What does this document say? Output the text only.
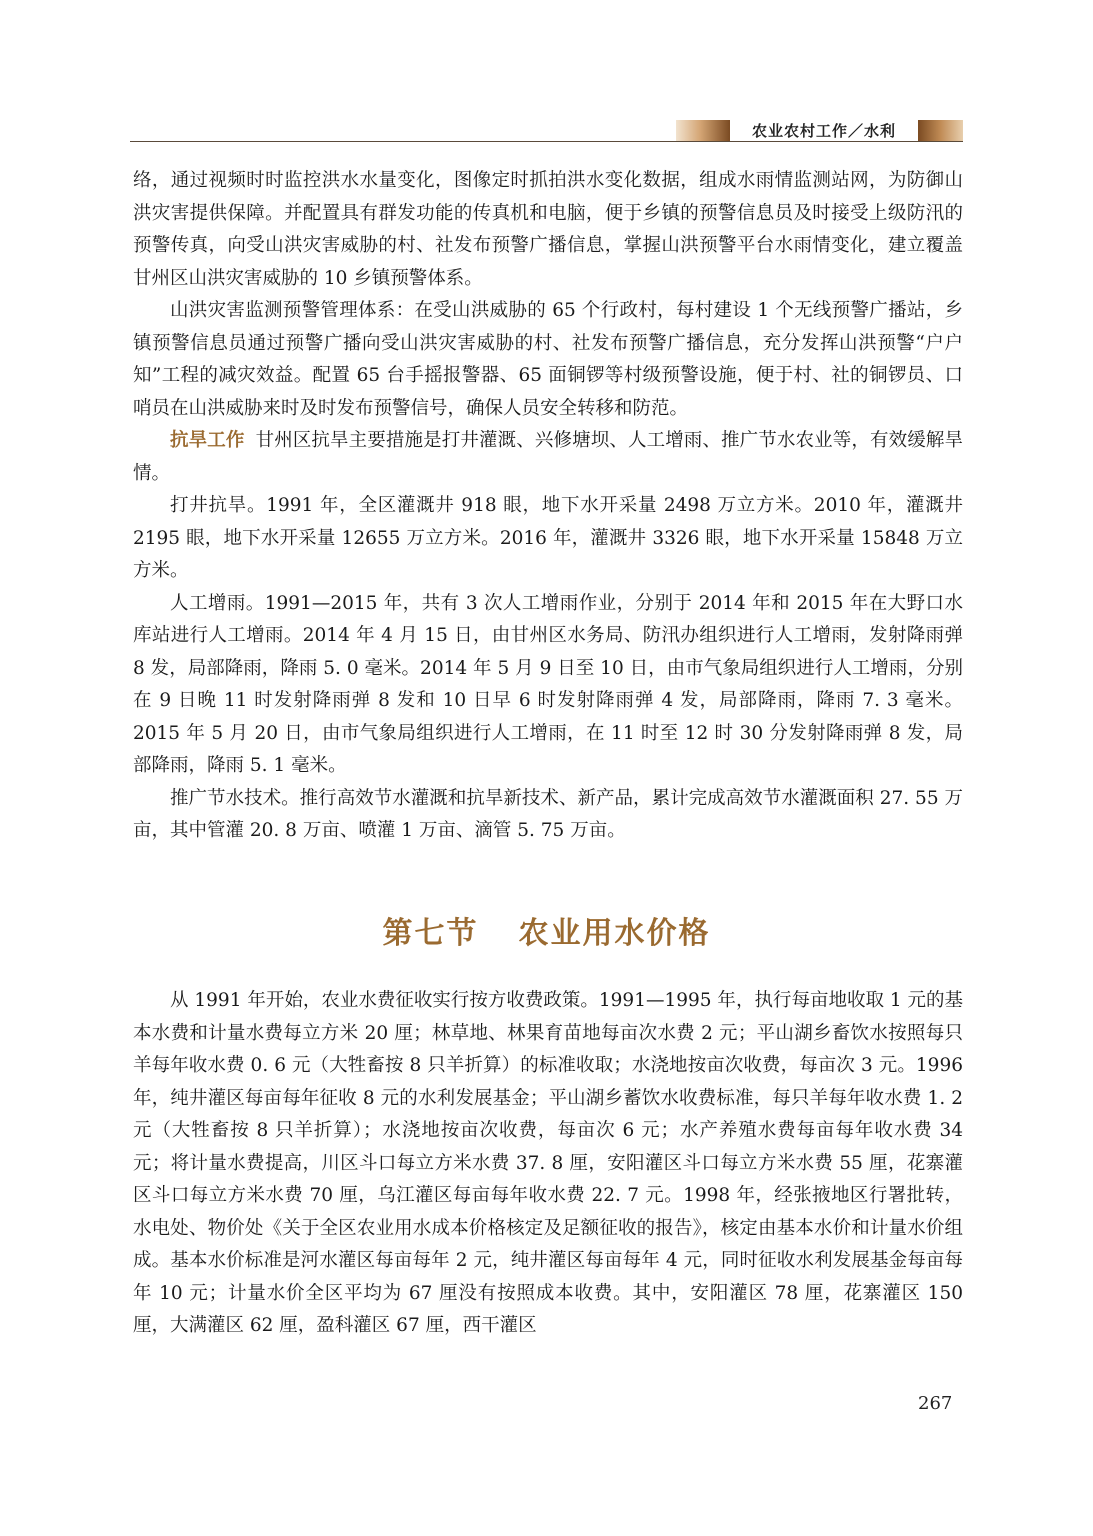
农业农村工作／水利

络，通过视频时时监控洪水水量变化，图像定时抓拍洪水变化数据，组成水雨情监测站网，为防御山洪灾害提供保障。并配置具有群发功能的传真机和电脑，便于乡镇的预警信息员及时接受上级防汛的预警传真，向受山洪灾害威胁的村、社发布预警广播信息，掌握山洪预警平台水雨情变化，建立覆盖甘州区山洪灾害威胁的 10 乡镇预警体系。

山洪灾害监测预警管理体系：在受山洪威胁的 65 个行政村，每村建设 1 个无线预警广播站，乡镇预警信息员通过预警广播向受山洪灾害威胁的村、社发布预警广播信息，充分发挥山洪预警“户户知”工程的减灾效益。配置 65 台手摇报警器、65 面铜锣等村级预警设施，便于村、社的铜锣员、口哨员在山洪威胁来时及时发布预警信号，确保人员安全转移和防范。

抗旱工作 甘州区抗旱主要措施是打井灌溉、兴修塘坝、人工增雨、推广节水农业等，有效缓解旱情。

打井抗旱。1991 年，全区灌溉井 918 眼，地下水开采量 2498 万立方米。2010 年，灌溉井 2195 眼，地下水开采量 12655 万立方米。2016 年，灌溉井 3326 眼，地下水开采量 15848 万立方米。

人工增雨。1991—2015 年，共有 3 次人工增雨作业，分别于 2014 年和 2015 年在大野口水库站进行人工增雨。2014 年 4 月 15 日，由甘州区水务局、防汛办组织进行人工增雨，发射降雨弹 8 发，局部降雨，降雨 5. 0 毫米。2014 年 5 月 9 日至 10 日，由市气象局组织进行人工增雨，分别在 9 日晚 11 时发射降雨弹 8 发和 10 日早 6 时发射降雨弹 4 发，局部降雨，降雨 7. 3 毫米。2015 年 5 月 20 日，由市气象局组织进行人工增雨，在 11 时至 12 时 30 分发射降雨弹 8 发，局部降雨，降雨 5. 1 毫米。

推广节水技术。推行高效节水灌溉和抗旱新技术、新产品，累计完成高效节水灌溉面积 27. 55 万亩，其中管灌 20. 8 万亩、喷灌 1 万亩、滴管 5. 75 万亩。

第七节 农业用水价格

从 1991 年开始，农业水费征收实行按方收费政策。1991—1995 年，执行每亩地收取 1 元的基本水费和计量水费每立方米 20 厘；林草地、林果育苗地每亩次水费 2 元；平山湖乡畜饮水按照每只羊每年收水费 0. 6 元（大牲畜按 8 只羊折算）的标准收取；水浇地按亩次收费，每亩次 3 元。1996 年，纯井灌区每亩每年征收 8 元的水利发展基金；平山湖乡蓄饮水收费标准，每只羊每年收水费 1. 2 元（大牲畜按 8 只羊折算）；水浇地按亩次收费，每亩次 6 元；水产养殖水费每亩每年收水费 34 元；将计量水费提高，川区斗口每立方米水费 37. 8 厘，安阳灌区斗口每立方米水费 55 厘，花寨灌区斗口每立方米水费 70 厘，乌江灌区每亩每年收水费 22. 7 元。1998 年，经张掖地区行署批转，水电处、物价处《关于全区农业用水成本价格核定及足额征收的报告》，核定由基本水价和计量水价组成。基本水价标准是河水灌区每亩每年 2 元，纯井灌区每亩每年 4 元，同时征收水利发展基金每亩每年 10 元；计量水价全区平均为 67 厘没有按照成本收费。其中，安阳灌区 78 厘，花寨灌区 150 厘，大满灌区 62 厘，盈科灌区 67 厘，西干灌区

267
